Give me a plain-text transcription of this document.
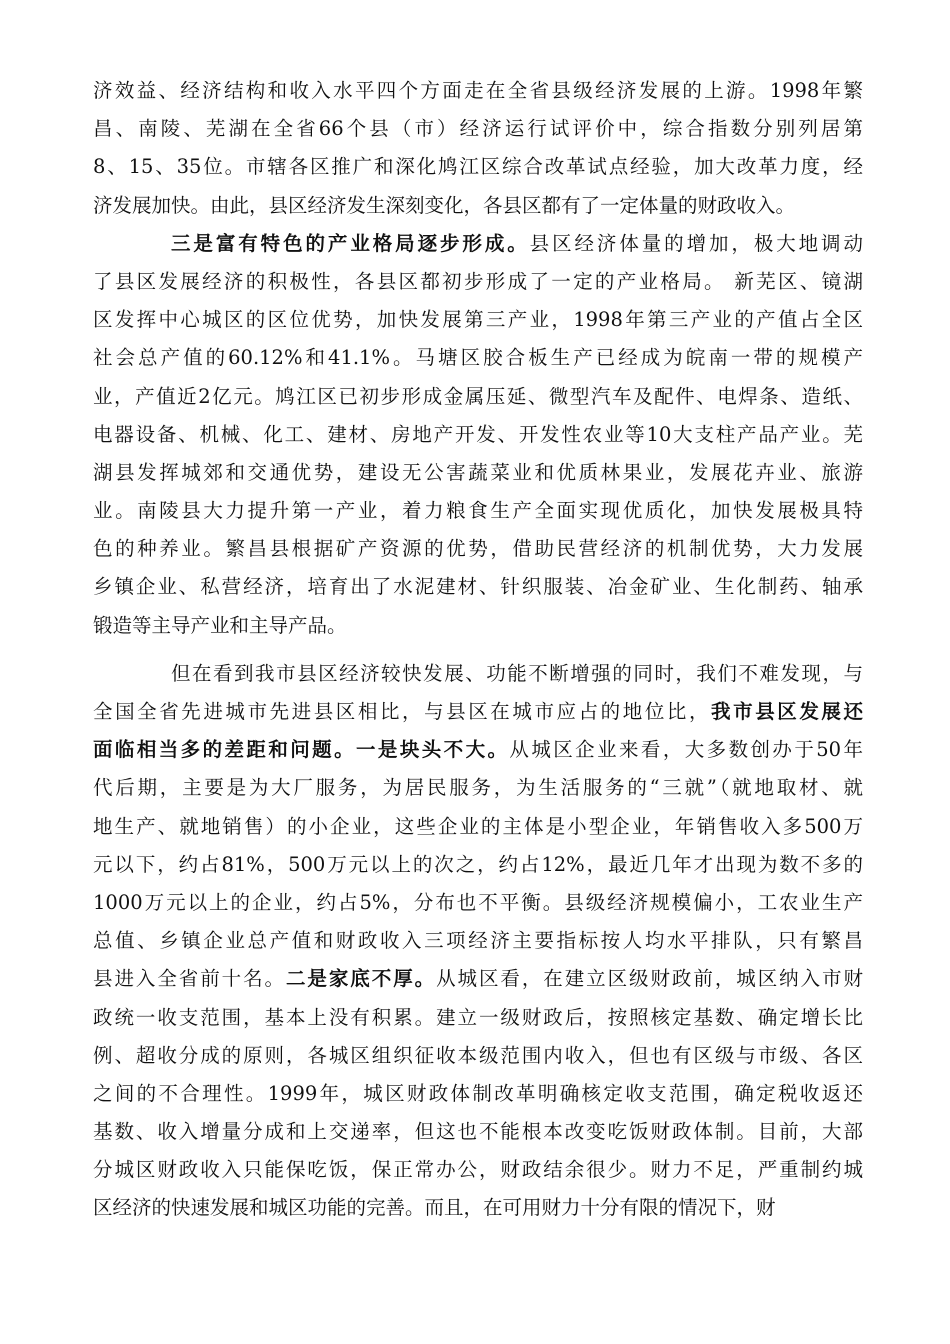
济效益、经济结构和收入水平四个方面走在全省县级经济发展的上游。1998年繁
昌、南陵、芜湖在全省66个县（市）经济运行试评价中，综合指数分别列居第
8、15、35位。市辖各区推广和深化鸠江区综合改革试点经验，加大改革力度，经
济发展加快。由此，县区经济发生深刻变化，各县区都有了一定体量的财政收入。
三是富有特色的产业格局逐步形成。县区经济体量的增加，极大地调动
了县区发展经济的积极性，各县区都初步形成了一定的产业格局。 新芜区、镜湖
区发挥中心城区的区位优势，加快发展第三产业，1998年第三产业的产值占全区
社会总产值的60.12%和41.1%。马塘区胶合板生产已经成为皖南一带的规模产
业，产值近2亿元。鸠江区已初步形成金属压延、微型汽车及配件、电焊条、造纸、
电器设备、机械、化工、建材、房地产开发、开发性农业等10大支柱产品产业。芜
湖县发挥城郊和交通优势，建设无公害蔬菜业和优质林果业，发展花卉业、旅游
业。南陵县大力提升第一产业，着力粮食生产全面实现优质化，加快发展极具特
色的种养业。繁昌县根据矿产资源的优势，借助民营经济的机制优势，大力发展
乡镇企业、私营经济，培育出了水泥建材、针织服装、冶金矿业、生化制药、轴承
锻造等主导产业和主导产品。
但在看到我市县区经济较快发展、功能不断增强的同时，我们不难发现，与
全国全省先进城市先进县区相比，与县区在城市应占的地位比，我市县区发展还
面临相当多的差距和问题。一是块头不大。从城区企业来看，大多数创办于50年
代后期，主要是为大厂服务，为居民服务，为生活服务的“三就”（就地取材、就
地生产、就地销售）的小企业，这些企业的主体是小型企业，年销售收入多500万
元以下，约占81%，500万元以上的次之，约占12%，最近几年才出现为数不多的
1000万元以上的企业，约占5%，分布也不平衡。县级经济规模偏小，工农业生产
总值、乡镇企业总产值和财政收入三项经济主要指标按人均水平排队，只有繁昌
县进入全省前十名。二是家底不厚。从城区看，在建立区级财政前，城区纳入市财
政统一收支范围，基本上没有积累。建立一级财政后，按照核定基数、确定增长比
例、超收分成的原则，各城区组织征收本级范围内收入，但也有区级与市级、各区
之间的不合理性。1999年，城区财政体制改革明确核定收支范围，确定税收返还
基数、收入增量分成和上交递率，但这也不能根本改变吃饭财政体制。目前，大部
分城区财政收入只能保吃饭，保正常办公，财政结余很少。财力不足，严重制约城
区经济的快速发展和城区功能的完善。而且，在可用财力十分有限的情况下，财
